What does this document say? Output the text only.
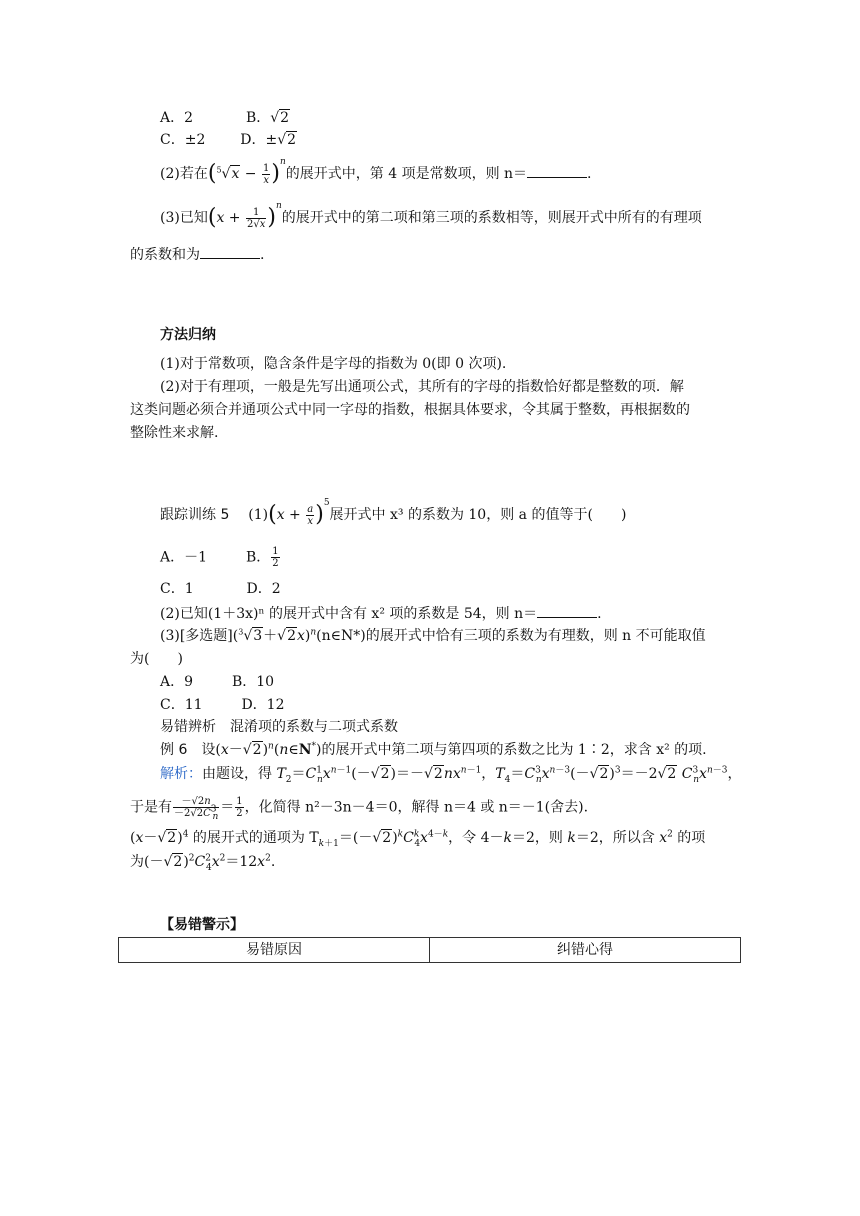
A．2	B．√2
C．±2 D．±√2
(2)若在$(^5√x - \frac{1}{x} )^n$的展开式中，第 4 项是常数项，则 n＝	.
(3)已知$(x + \frac{1}{2√x} )^n$的展开式中的第二项和第三项的系数相等，则展开式中所有的有理项
的系数和为	.
方法归纳
(1)对于常数项，隐含条件是字母的指数为 0(即 0 次项).
(2)对于有理项，一般是先写出通项公式，其所有的字母的指数恰好都是整数的项．解
这类问题必须合并通项公式中同一字母的指数，根据具体要求，令其属于整数，再根据数的
整除性来求解.
跟踪训练 5 $(1)(x + \frac{a}{x} )^5$展开式中 x³ 的系数为 10，则 a 的值等于( )
A．－1	B． $\frac{1}{2}$
C．1	D．2
(2)已知(1＋3x)ⁿ 的展开式中含有 x² 项的系数是 54，则 n＝	.
(3)[多选题]$(^3√3+√2x)^n(n\in N*)$的展开式中恰有三项的系数为有理数，则 n 不可能取值
为( )
A．9	B．10
C．11	D．12
易错辨析　混淆项的系数与二项式系数
例 6　设$(x-√2)^n(n\in N^*)$的展开式中第二项与第四项的系数之比为 1∶2，求含 x² 的项.
解析：由题设，得 $T_2=C^1_nx^{n-1}(-√2)=-√2nx^{n-1}$，$T_4=C^3_nx^{n-3}(-√2)^3=-2√2$ $C^3_nx^{n-3}$，
于是有 $\frac{-√2n}{-2√2C^3_n} = \frac{1}{2}$ ，化简得 n²－3n－4＝0，解得 n＝4 或 n＝－1(舍去).
$(x-√2)^4$ 的展开式的通项为 $T_{k+1}=(-√2)^kC^k_4x^{4-k}$，令 4－k＝2，则 k＝2，所以含 $x^2$ 的项
为$(-√2)^2C^2_4x^2=12x^2$.
【易错警示】
易错原因	纠错心得
